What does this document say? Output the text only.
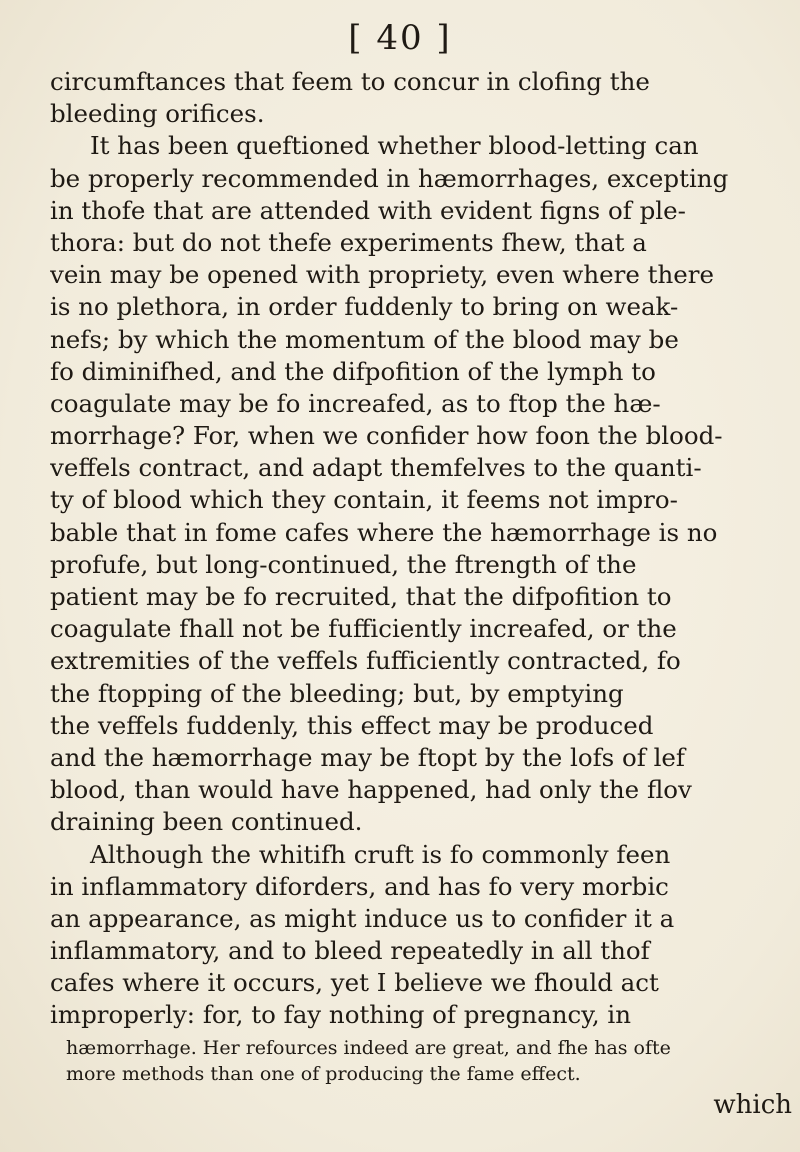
[ 40 ]
circumftances that feem to concur in clofing the
bleeding orifices.
It has been queftioned whether blood-letting can
be properly recommended in hæmorrhages, excepting
in thofe that are attended with evident figns of ple-
thora: but do not thefe experiments fhew, that a
vein may be opened with propriety, even where there
is no plethora, in order fuddenly to bring on weak-
nefs; by which the momentum of the blood may be
fo diminifhed, and the difpofition of the lymph to
coagulate may be fo increafed, as to ftop the hæ-
morrhage? For, when we confider how foon the blood-
veffels contract, and adapt themfelves to the quanti-
ty of blood which they contain, it feems not impro-
bable that in fome cafes where the hæmorrhage is no
profufe, but long-continued, the ftrength of the
patient may be fo recruited, that the difpofition to
coagulate fhall not be fufficiently increafed, or the
extremities of the veffels fufficiently contracted, fo
the ftopping of the bleeding; but, by emptying
the veffels fuddenly, this effect may be produced
and the hæmorrhage may be ftopt by the lofs of lef
blood, than would have happened, had only the flov
draining been continued.
Although the whitifh cruft is fo commonly feen
in inflammatory diforders, and has fo very morbic
an appearance, as might induce us to confider it a
inflammatory, and to bleed repeatedly in all thof
cafes where it occurs, yet I believe we fhould act
improperly: for, to fay nothing of pregnancy, in
hæmorrhage. Her refources indeed are great, and fhe has ofte
more methods than one of producing the fame effect.
which
